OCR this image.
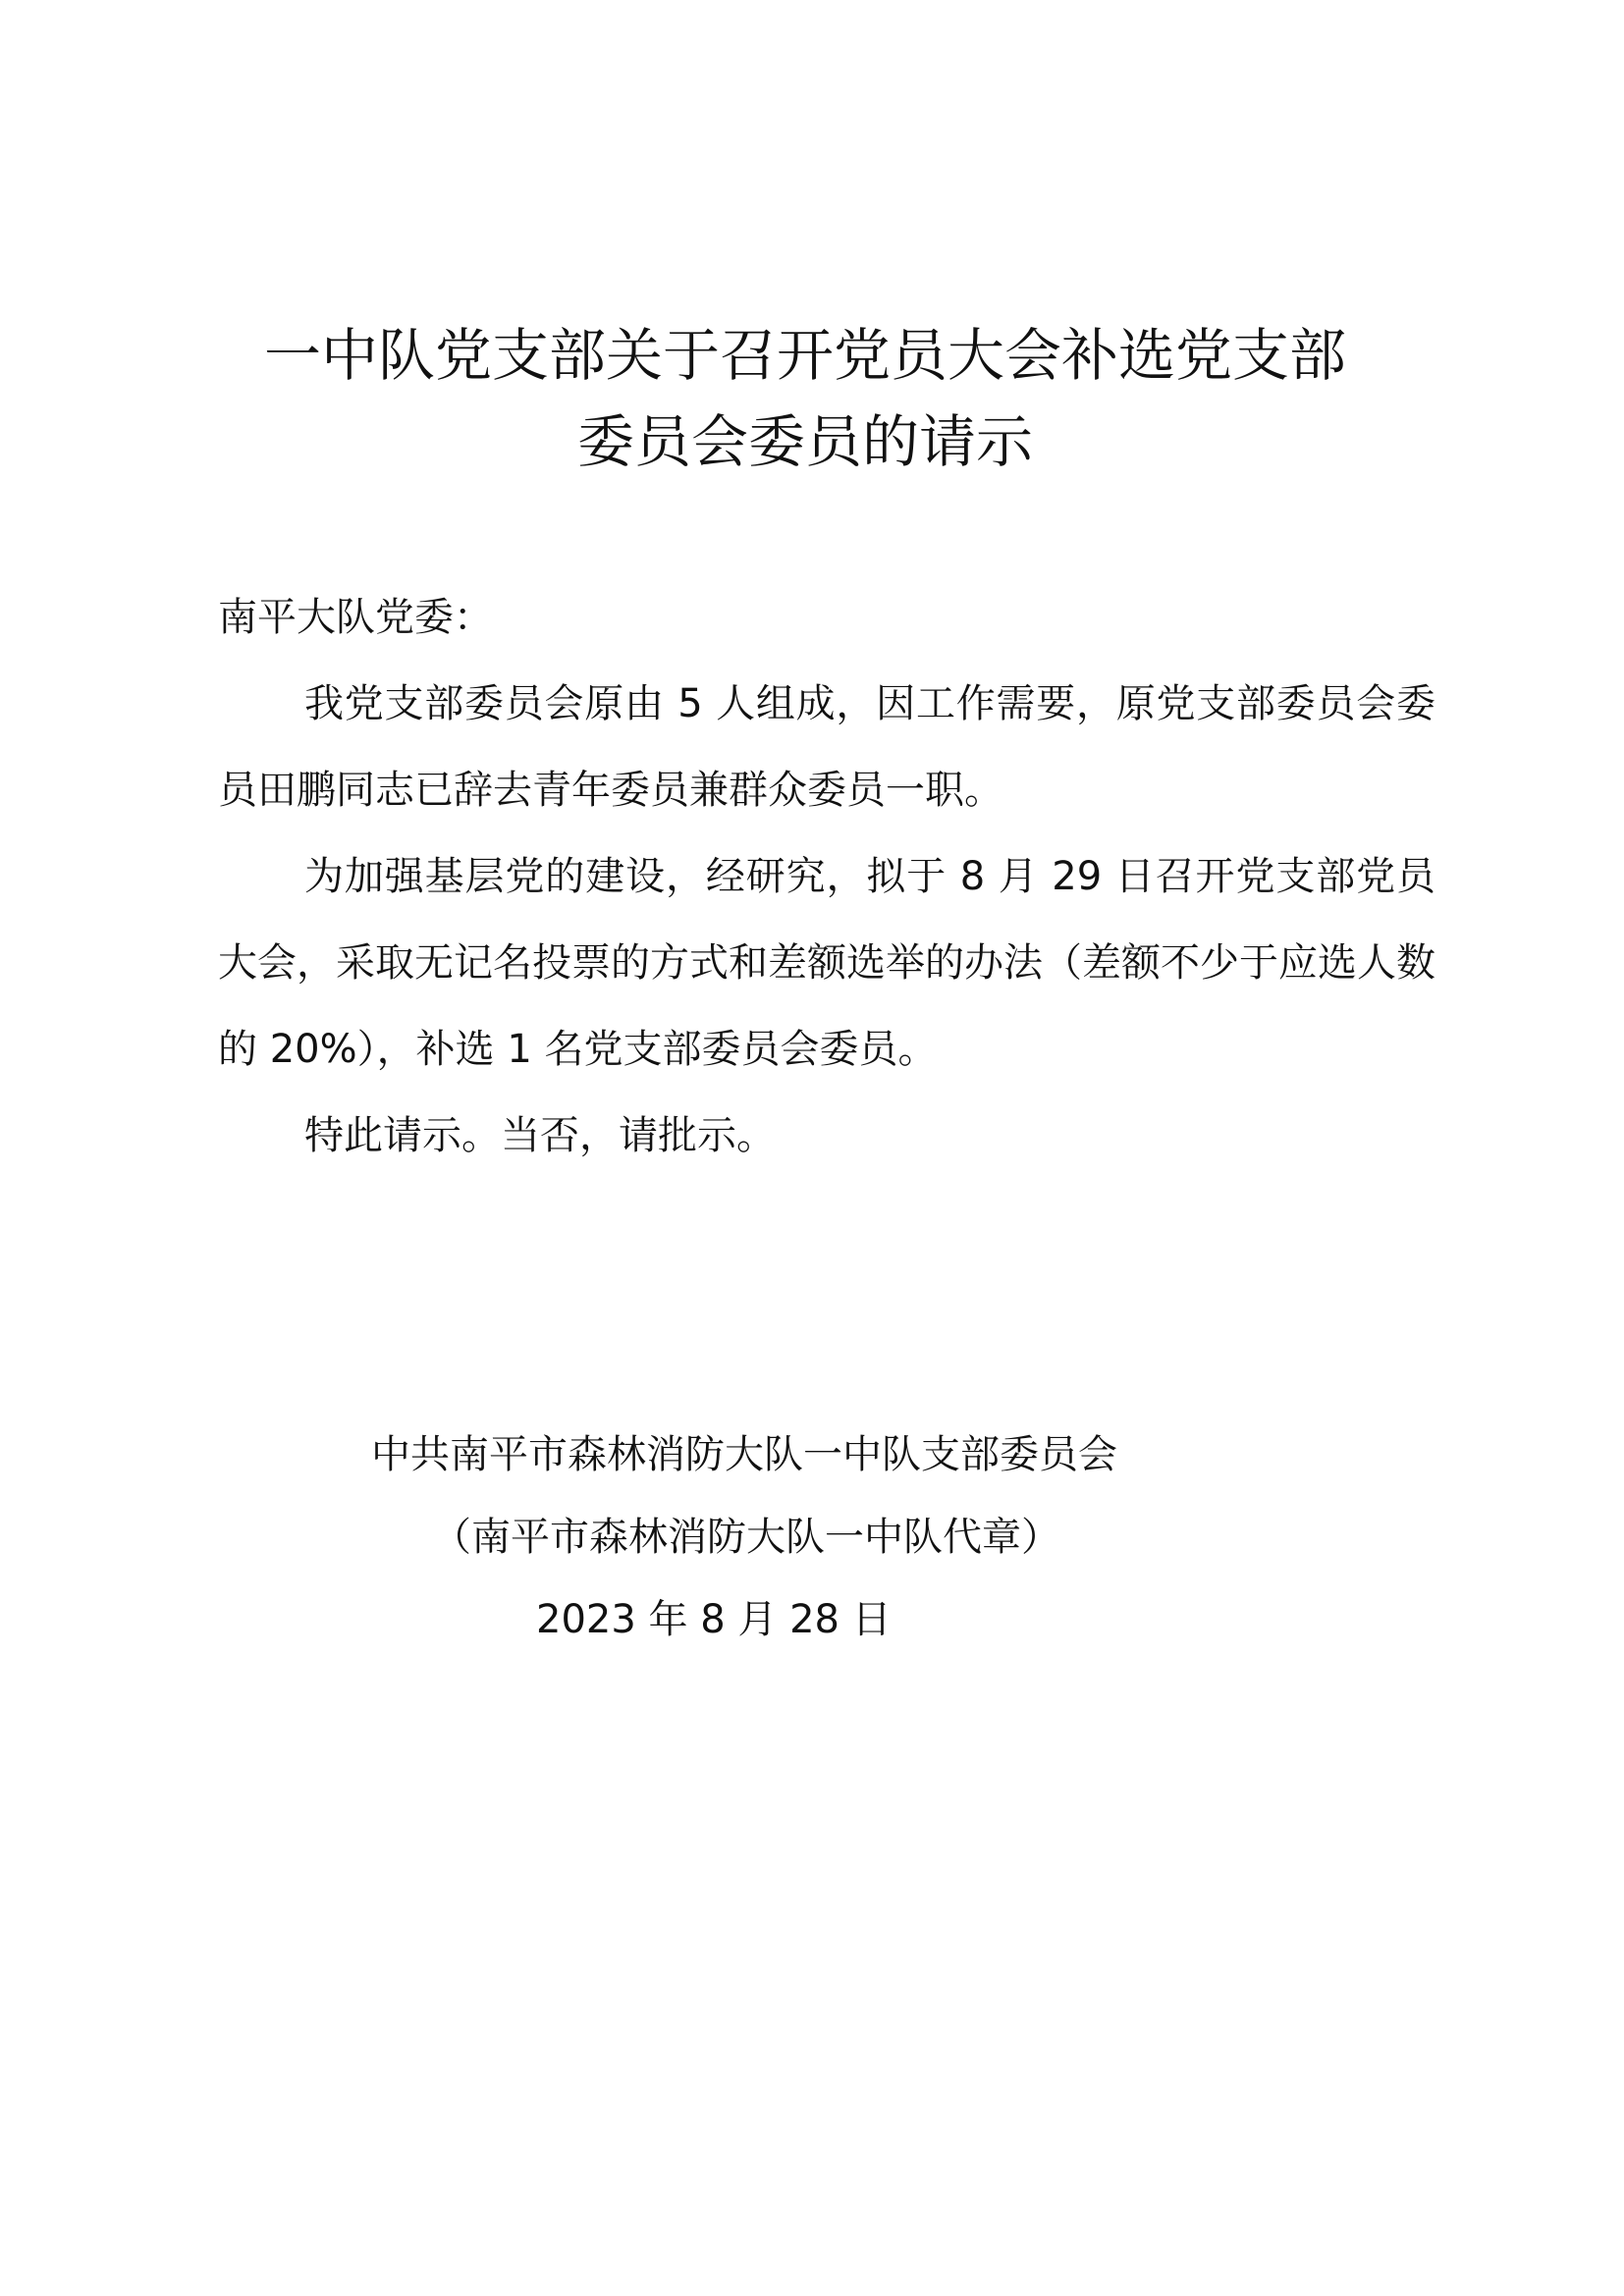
一中队党支部关于召开党员大会补选党支部
委员会委员的请示

南平大队党委：

我党支部委员会原由 5 人组成，因工作需要，原党支部委员会委员田鹏同志已辞去青年委员兼群众委员一职。

为加强基层党的建设，经研究，拟于 8 月 29 日召开党支部党员大会，采取无记名投票的方式和差额选举的办法（差额不少于应选人数的 20%），补选 1 名党支部委员会委员。

特此请示。当否，请批示。

中共南平市森林消防大队一中队支部委员会
（南平市森林消防大队一中队代章）
2023 年 8 月 28 日
